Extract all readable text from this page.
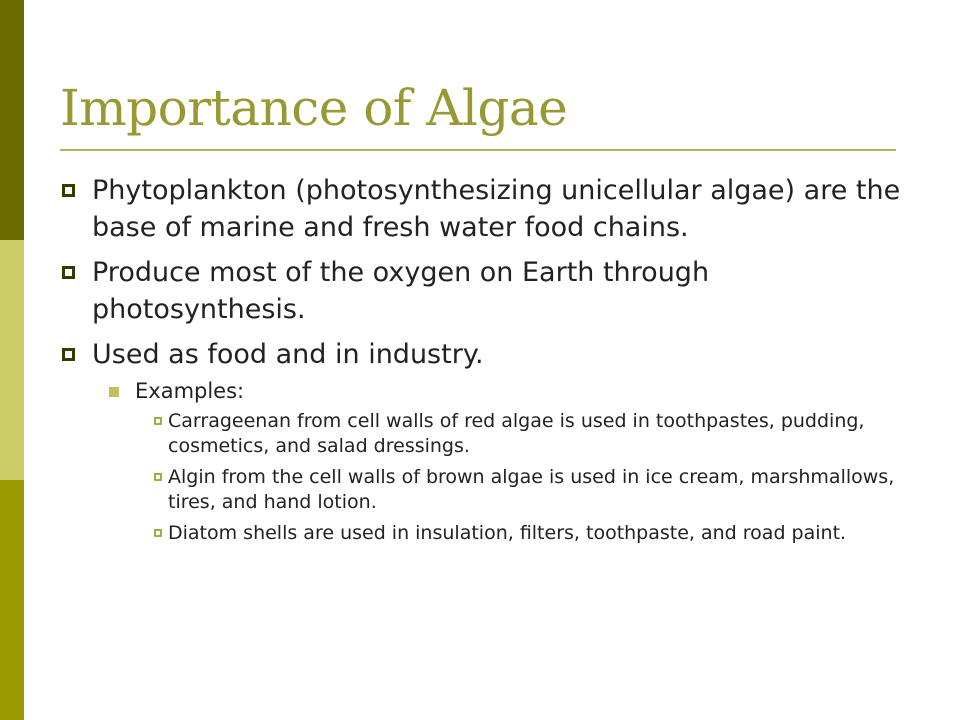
Importance of Algae
Phytoplankton (photosynthesizing unicellular algae) are the base of marine and fresh water food chains.
Produce most of the oxygen on Earth through photosynthesis.
Used as food and in industry.
Examples:
Carrageenan from cell walls of red algae is used in toothpastes, pudding, cosmetics, and salad dressings.
Algin from the cell walls of brown algae is used in ice cream, marshmallows, tires, and hand lotion.
Diatom shells are used in insulation, filters, toothpaste, and road paint.
